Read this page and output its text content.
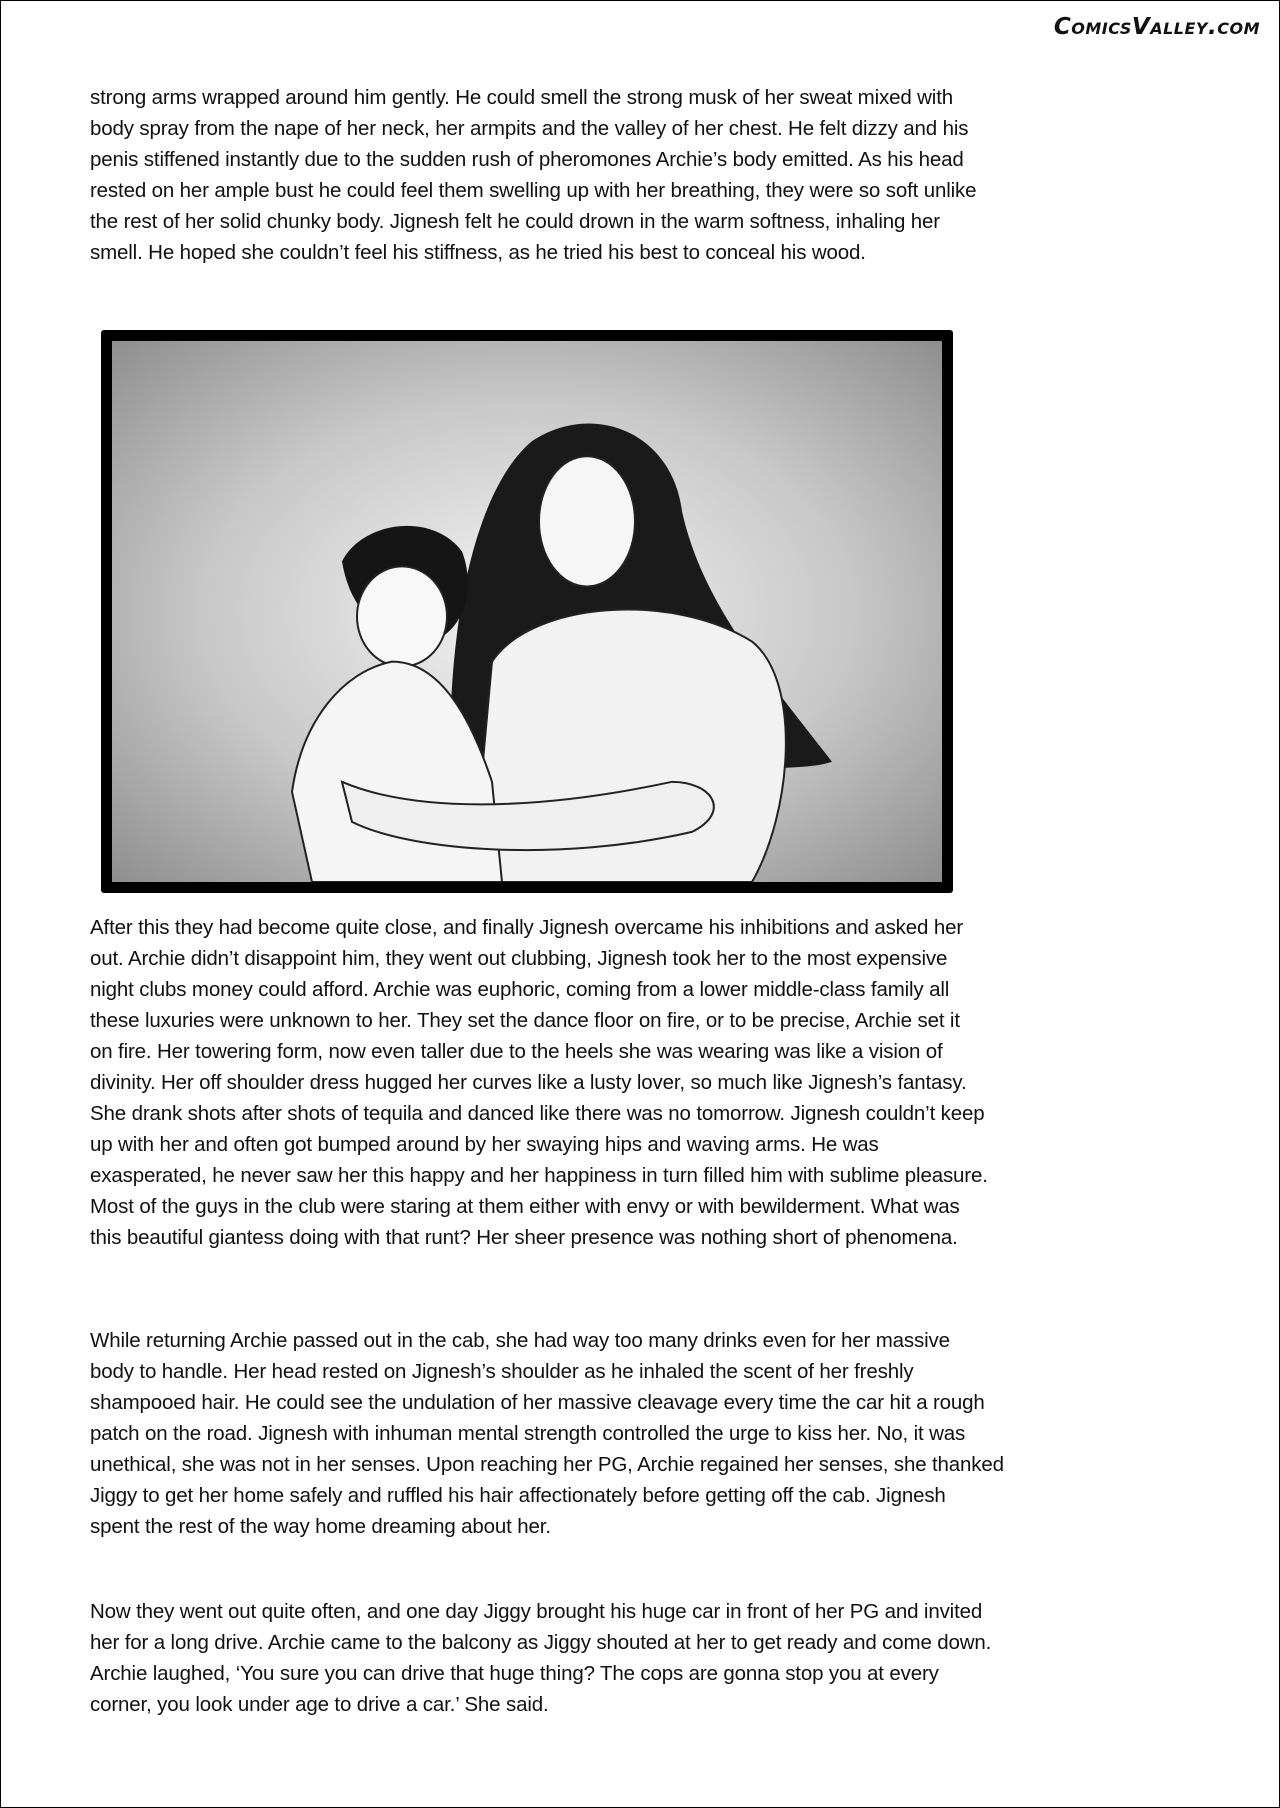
ComicsValley.com
strong arms wrapped around him gently. He could smell the strong musk of her sweat mixed with
body spray from the nape of her neck, her armpits and the valley of her chest. He felt dizzy and his
penis stiffened instantly due to the sudden rush of pheromones Archie’s body emitted. As his head
rested on her ample bust he could feel them swelling up with her breathing, they were so soft unlike
the rest of her solid chunky body. Jignesh felt he could drown in the warm softness, inhaling her
smell. He hoped she couldn’t feel his stiffness, as he tried his best to conceal his wood.
After this they had become quite close, and finally Jignesh overcame his inhibitions and asked her
out. Archie didn’t disappoint him, they went out clubbing, Jignesh took her to the most expensive
night clubs money could afford. Archie was euphoric, coming from a lower middle-class family all
these luxuries were unknown to her. They set the dance floor on fire, or to be precise, Archie set it
on fire. Her towering form, now even taller due to the heels she was wearing was like a vision of
divinity. Her off shoulder dress hugged her curves like a lusty lover, so much like Jignesh’s fantasy.
She drank shots after shots of tequila and danced like there was no tomorrow. Jignesh couldn’t keep
up with her and often got bumped around by her swaying hips and waving arms. He was
exasperated, he never saw her this happy and her happiness in turn filled him with sublime pleasure.
Most of the guys in the club were staring at them either with envy or with bewilderment. What was
this beautiful giantess doing with that runt? Her sheer presence was nothing short of phenomena.
While returning Archie passed out in the cab, she had way too many drinks even for her massive
body to handle. Her head rested on Jignesh’s shoulder as he inhaled the scent of her freshly
shampooed hair. He could see the undulation of her massive cleavage every time the car hit a rough
patch on the road. Jignesh with inhuman mental strength controlled the urge to kiss her. No, it was
unethical, she was not in her senses. Upon reaching her PG, Archie regained her senses, she thanked
Jiggy to get her home safely and ruffled his hair affectionately before getting off the cab. Jignesh
spent the rest of the way home dreaming about her.
Now they went out quite often, and one day Jiggy brought his huge car in front of her PG and invited
her for a long drive. Archie came to the balcony as Jiggy shouted at her to get ready and come down.
Archie laughed, ‘You sure you can drive that huge thing? The cops are gonna stop you at every
corner, you look under age to drive a car.’ She said.
